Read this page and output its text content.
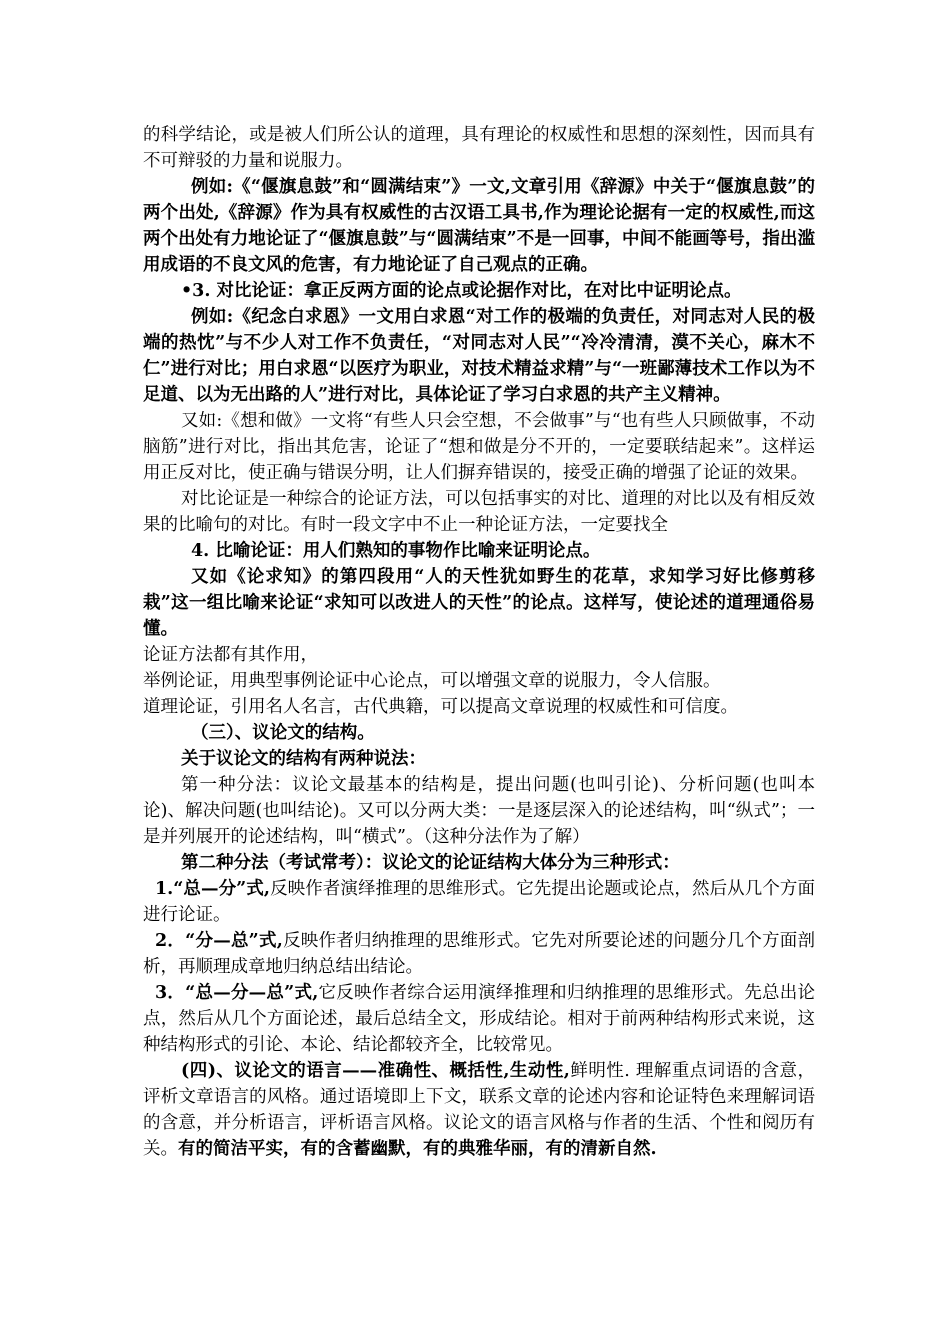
的科学结论，或是被人们所公认的道理，具有理论的权威性和思想的深刻性，因而具有不可辩驳的力量和说服力。

例如:《“偃旗息鼓”和“圆满结束”》一文,文章引用《辞源》中关于“偃旗息鼓”的两个出处,《辞源》作为具有权威性的古汉语工具书,作为理论论据有一定的权威性,而这两个出处有力地论证了“偃旗息鼓”与“圆满结束”不是一回事，中间不能画等号，指出滥用成语的不良文风的危害，有力地论证了自己观点的正确。

•3. 对比论证：拿正反两方面的论点或论据作对比，在对比中证明论点。

例如:《纪念白求恩》一文用白求恩“对工作的极端的负责任，对同志对人民的极端的热忱”与不少人对工作不负责任，“对同志对人民”“冷冷清清，漠不关心，麻木不仁”进行对比；用白求恩“以医疗为职业，对技术精益求精”与“一班鄙薄技术工作以为不足道、以为无出路的人”进行对比，具体论证了学习白求恩的共产主义精神。

又如:《想和做》一文将“有些人只会空想，不会做事”与“也有些人只顾做事，不动脑筋”进行对比，指出其危害，论证了“想和做是分不开的，一定要联结起来”。这样运用正反对比，使正确与错误分明，让人们摒弃错误的，接受正确的增强了论证的效果。

对比论证是一种综合的论证方法，可以包括事实的对比、道理的对比以及有相反效果的比喻句的对比。有时一段文字中不止一种论证方法，一定要找全

4. 比喻论证：用人们熟知的事物作比喻来证明论点。

又如《论求知》的第四段用“人的天性犹如野生的花草，求知学习好比修剪移栽”这一组比喻来论证“求知可以改进人的天性”的论点。这样写，使论述的道理通俗易懂。

论证方法都有其作用，

举例论证，用典型事例论证中心论点，可以增强文章的说服力，令人信服。

道理论证，引用名人名言，古代典籍，可以提高文章说理的权威性和可信度。

（三）、议论文的结构。

关于议论文的结构有两种说法：

第一种分法：议论文最基本的结构是，提出问题(也叫引论)、分析问题(也叫本论)、解决问题(也叫结论)。又可以分两大类：一是逐层深入的论述结构，叫“纵式”；一是并列展开的论述结构，叫“横式”。（这种分法作为了解）

第二种分法（考试常考）：议论文的论证结构大体分为三种形式：

1.“总—分”式,反映作者演绎推理的思维形式。它先提出论题或论点，然后从几个方面进行论证。

2．“分—总”式,反映作者归纳推理的思维形式。它先对所要论述的问题分几个方面剖析，再顺理成章地归纳总结出结论。

3．“总—分—总”式,它反映作者综合运用演绎推理和归纳推理的思维形式。先总出论点，然后从几个方面论述，最后总结全文，形成结论。相对于前两种结构形式来说，这种结构形式的引论、本论、结论都较齐全，比较常见。

(四)、议论文的语言——准确性、概括性,生动性,鲜明性. 理解重点词语的含意，评析文章语言的风格。通过语境即上下文，联系文章的论述内容和论证特色来理解词语的含意，并分析语言，评析语言风格。议论文的语言风格与作者的生活、个性和阅历有关。有的简洁平实，有的含蓄幽默，有的典雅华丽，有的清新自然.
